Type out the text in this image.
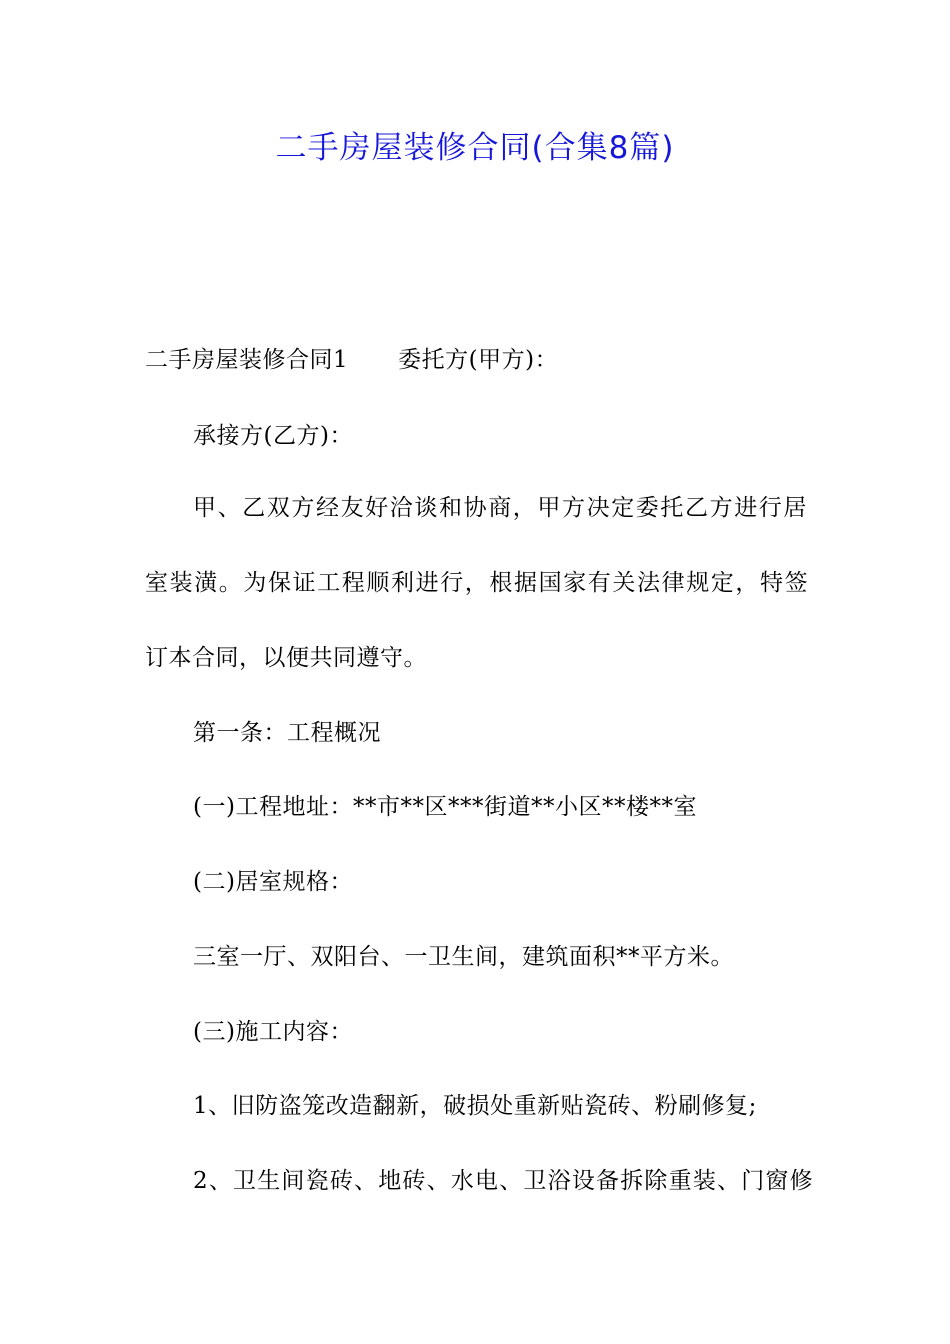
二手房屋装修合同(合集8篇)
二手房屋装修合同1 委托方(甲方)：
承接方(乙方)：
甲、乙双方经友好洽谈和协商，甲方决定委托乙方进行居
室装潢。为保证工程顺利进行，根据国家有关法律规定，特签
订本合同，以便共同遵守。
第一条：工程概况
(一)工程地址：**市**区***街道**小区**楼**室
(二)居室规格：
三室一厅、双阳台、一卫生间，建筑面积**平方米。
(三)施工内容：
1、旧防盗笼改造翻新，破损处重新贴瓷砖、粉刷修复;
2、卫生间瓷砖、地砖、水电、卫浴设备拆除重装、门窗修
